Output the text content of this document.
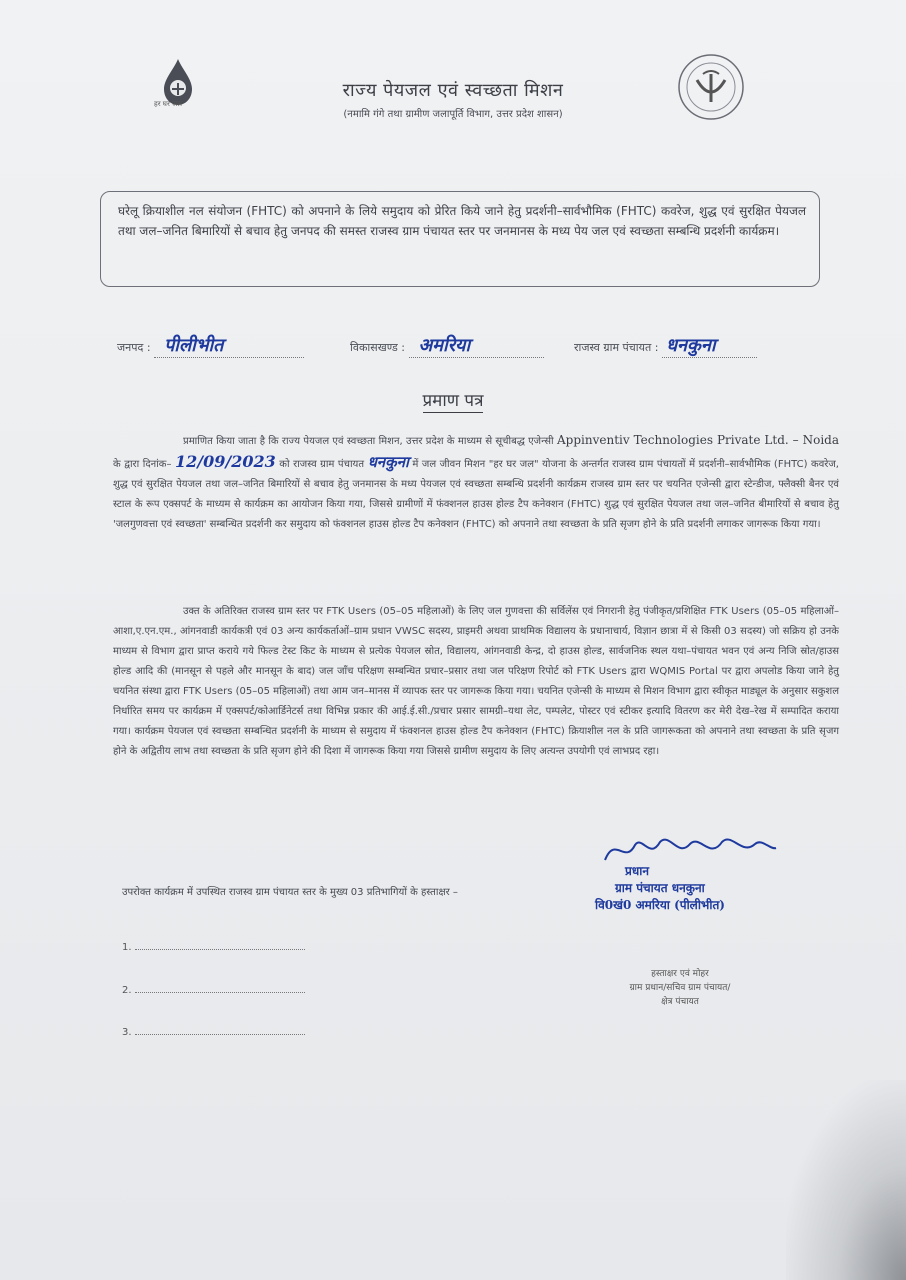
हर घर जल
राज्य पेयजल एवं स्वच्छता मिशन
(नमामि गंगे तथा ग्रामीण जलापूर्ति विभाग, उत्तर प्रदेश शासन)
घरेलू क्रियाशील नल संयोजन (FHTC) को अपनाने के लिये समुदाय को प्रेरित किये जाने हेतु प्रदर्शनी–सार्वभौमिक (FHTC) कवरेज, शुद्ध एवं सुरक्षित पेयजल तथा जल–जनित बिमारियों से बचाव हेतु जनपद की समस्त राजस्व ग्राम पंचायत स्तर पर जनमानस के मध्य पेय जल एवं स्वच्छता सम्बन्धि प्रदर्शनी कार्यक्रम।
जनपद : पीलीभीत	विकासखण्ड : अमरिया	राजस्व ग्राम पंचायत : धनकुना
प्रमाण पत्र
प्रमाणित किया जाता है कि राज्य पेयजल एवं स्वच्छता मिशन, उत्तर प्रदेश के माध्यम से सूचीबद्ध एजेन्सी Appinventiv Technologies Private Ltd. – Noida के द्वारा दिनांक– 12/09/2023 को राजस्व ग्राम पंचायत धनकुना में जल जीवन मिशन "हर घर जल" योजना के अन्तर्गत राजस्व ग्राम पंचायतों में प्रदर्शनी–सार्वभौमिक (FHTC) कवरेज, शुद्ध एवं सुरक्षित पेयजल तथा जल–जनित बिमारियों से बचाव हेतु जनमानस के मध्य पेयजल एवं स्वच्छता सम्बन्धि प्रदर्शनी कार्यक्रम राजस्व ग्राम स्तर पर चयनित एजेन्सी द्वारा स्टेन्डीज, फ्लैक्सी बैनर एवं स्टाल के रूप एक्सपर्ट के माध्यम से कार्यक्रम का आयोजन किया गया, जिससे ग्रामीणों में फंक्शनल हाउस होल्ड टैप कनेक्शन (FHTC) शुद्ध एवं सुरक्षित पेयजल तथा जल–जनित बीमारियों से बचाव हेतु 'जलगुणवत्ता एवं स्वच्छता' सम्बन्धित प्रदर्शनी कर समुदाय को फंक्शनल हाउस होल्ड टैप कनेक्शन (FHTC) को अपनाने तथा स्वच्छता के प्रति सृजग होने के प्रति प्रदर्शनी लगाकर जागरूक किया गया।
उक्त के अतिरिक्त राजस्व ग्राम स्तर पर FTK Users (05–05 महिलाओं) के लिए जल गुणवत्ता की सर्विलेंस एवं निगरानी हेतु पंजीकृत/प्रशिक्षित FTK Users (05–05 महिलाओं–आशा,ए.एन.एम., आंगनवाडी कार्यकत्री एवं 03 अन्य कार्यकर्ताओं–ग्राम प्रधान VWSC सदस्य, प्राइमरी अथवा प्राथमिक विद्यालय के प्रधानाचार्य, विज्ञान छात्रा में से किसी 03 सदस्य) जो सक्रिय हो उनके माध्यम से विभाग द्वारा प्राप्त कराये गये फिल्ड टेस्ट किट के माध्यम से प्रत्येक पेयजल स्रोत, विद्यालय, आंगनवाडी केन्द्र, दो हाउस होल्ड, सार्वजनिक स्थल यथा–पंचायत भवन एवं अन्य निजि स्रोत/हाउस होल्ड आदि की (मानसून से पहले और मानसून के बाद) जल जाँच परिक्षण सम्बन्धित प्रचार–प्रसार तथा जल परिक्षण रिपोर्ट को FTK Users द्वारा WQMIS Portal पर द्वारा अपलोड किया जाने हेतु चयनित संस्था द्वारा FTK Users (05–05 महिलाओं) तथा आम जन–मानस में व्यापक स्तर पर जागरूक किया गया। चयनित एजेन्सी के माध्यम से मिशन विभाग द्वारा स्वीकृत माड्यूल के अनुसार सकुशल निर्धारित समय पर कार्यक्रम में एक्सपर्ट/कोआर्डिनेटर्स तथा विभिन्न प्रकार की आई.ई.सी./प्रचार प्रसार सामग्री–यथा लेट, पम्पलेट, पोस्टर एवं स्टीकर इत्यादि वितरण कर मेरी देख–रेख में सम्पादित कराया गया। कार्यक्रम पेयजल एवं स्वच्छता सम्बन्धित प्रदर्शनी के माध्यम से समुदाय में फंक्शनल हाउस होल्ड टैप कनेक्शन (FHTC) क्रियाशील नल के प्रति जागरूकता को अपनाने तथा स्वच्छता के प्रति सृजग होने के अद्वितीय लाभ तथा स्वच्छता के प्रति सृजग होने की दिशा में जागरूक किया गया जिससे ग्रामीण समुदाय के लिए अत्यन्त उपयोगी एवं लाभप्रद रहा।
उपरोक्त कार्यक्रम में उपस्थित राजस्व ग्राम पंचायत स्तर के मुख्य 03 प्रतिभागियों के हस्ताक्षर –
1.
2.
3.
प्रधान
ग्राम पंचायत धनकुना
वि0खं0 अमरिया (पीलीभीत)
हस्ताक्षर एवं मोहर
ग्राम प्रधान/सचिव ग्राम पंचायत/
क्षेत्र पंचायत
